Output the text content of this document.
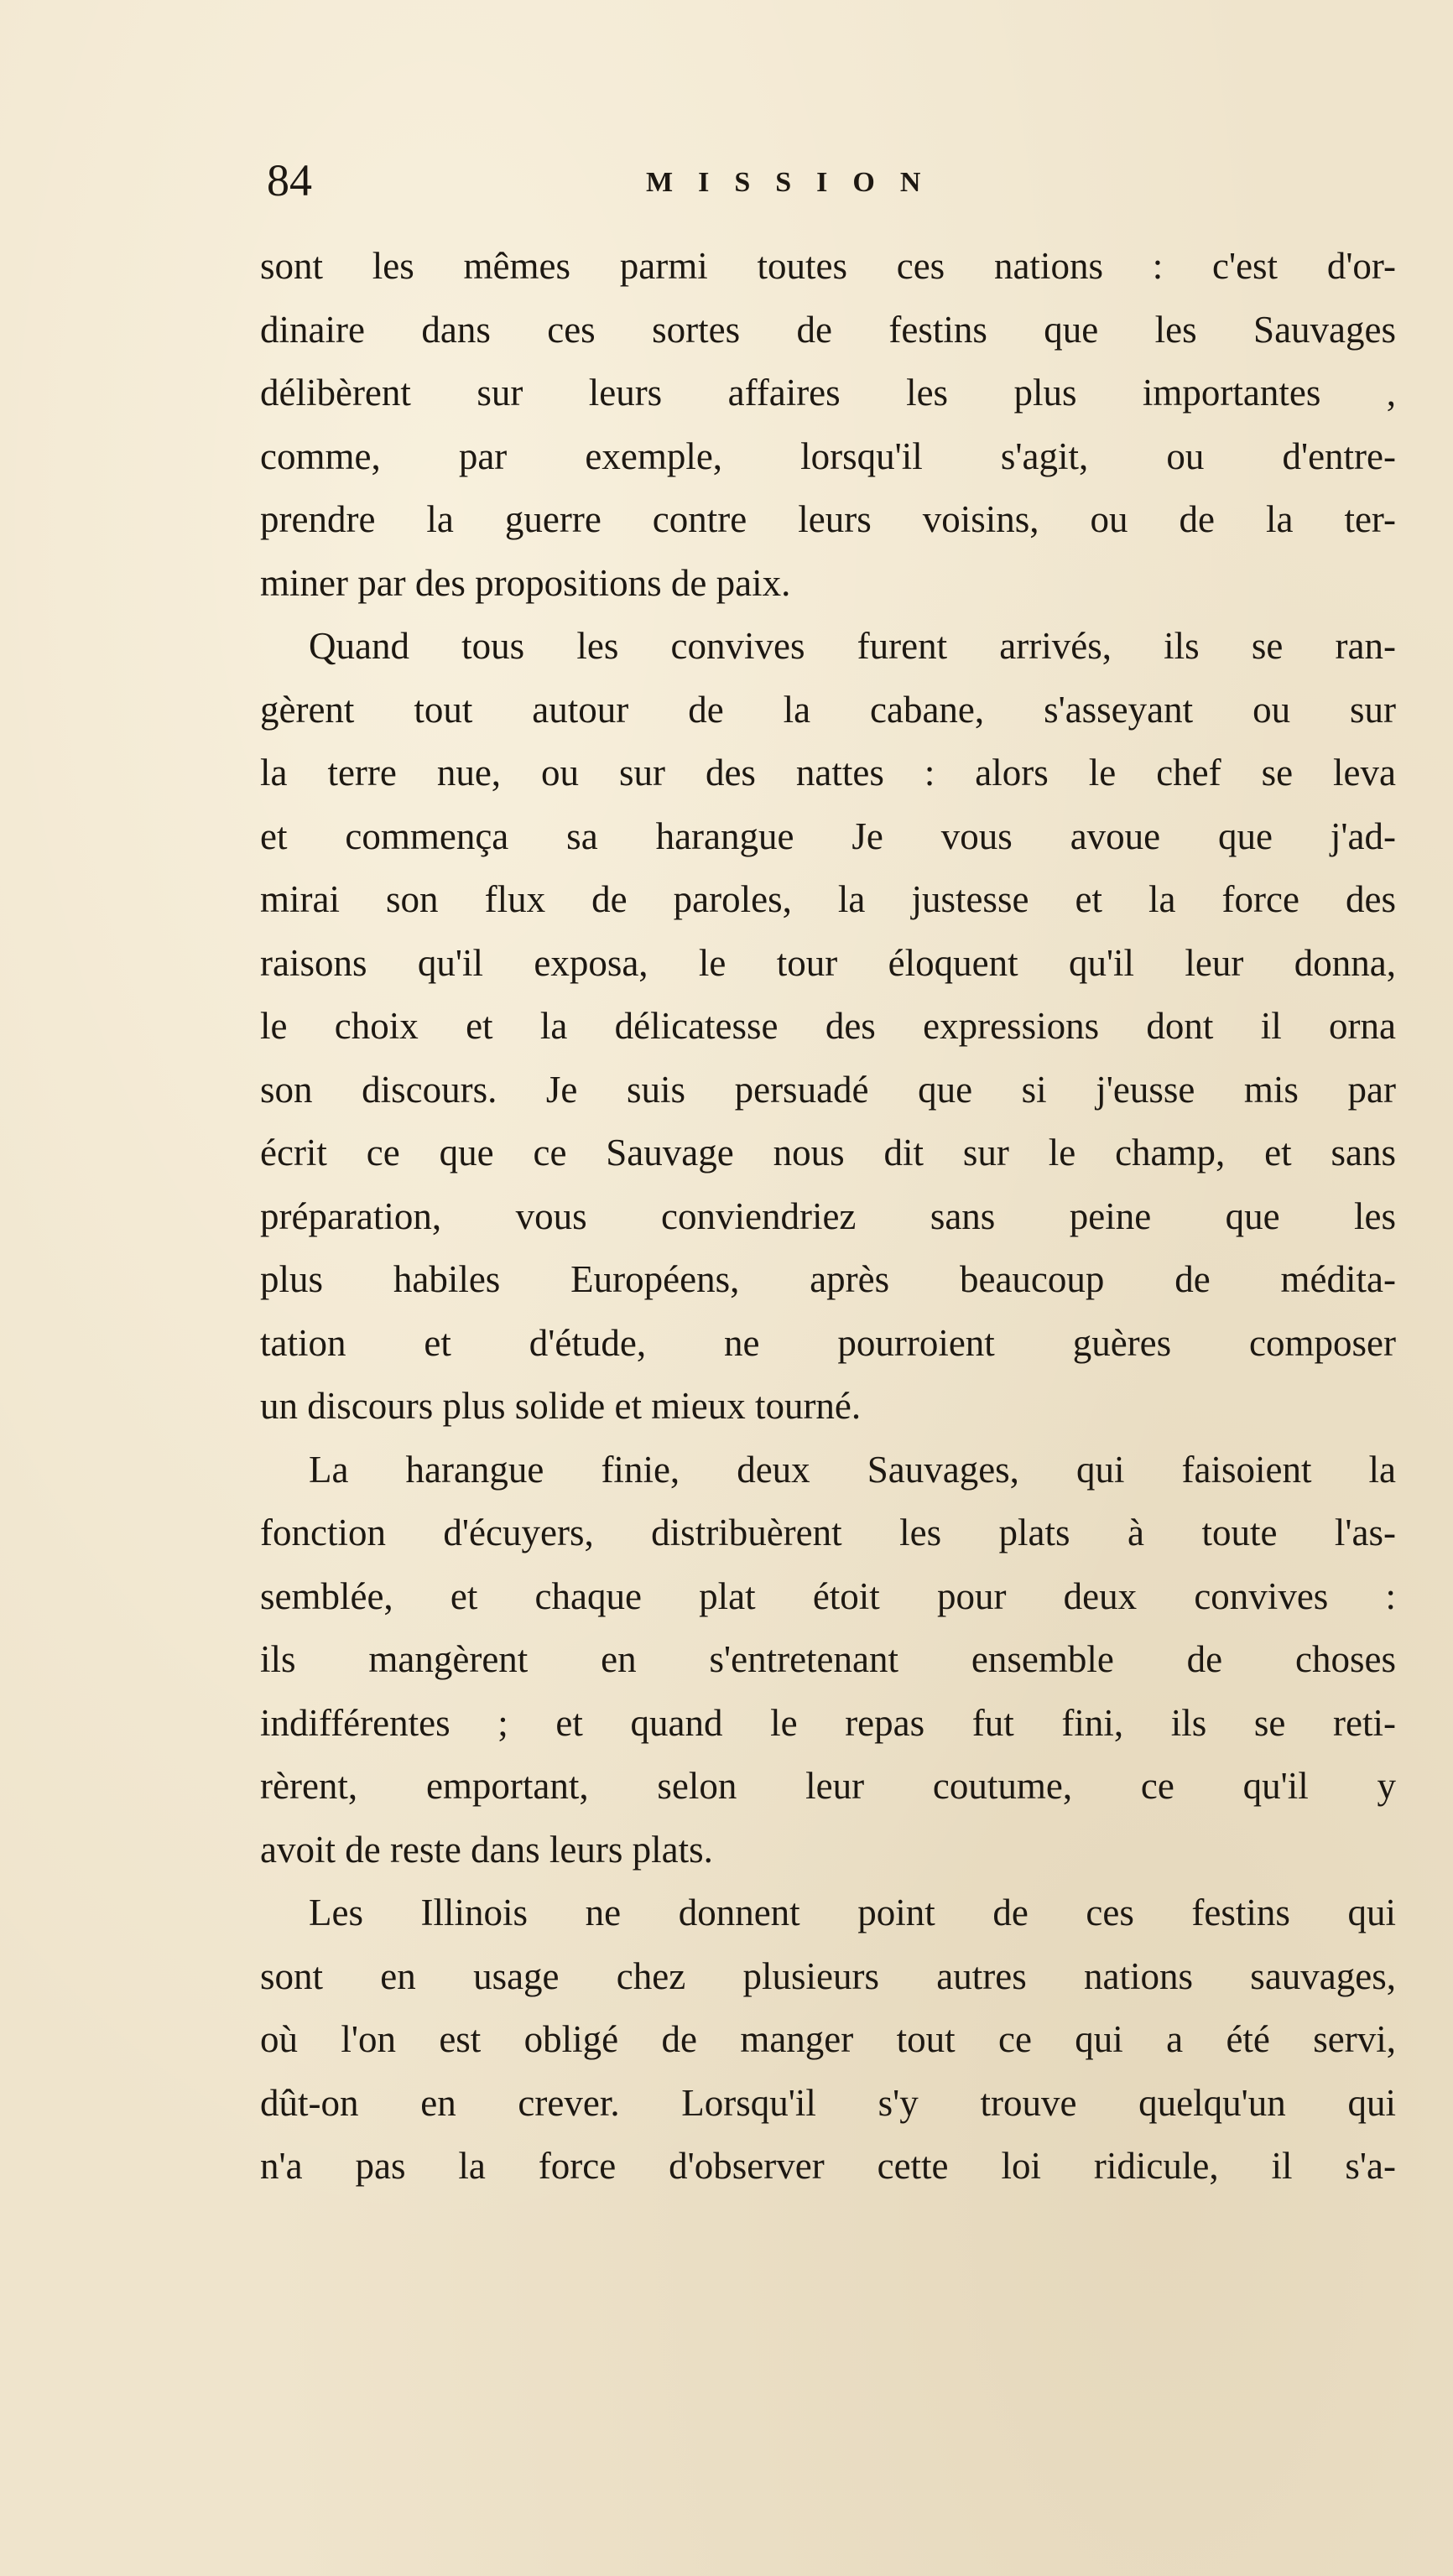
84	MISSION
sont les mêmes parmi toutes ces nations : c'est d'or-
dinaire dans ces sortes de festins que les Sauvages
délibèrent sur leurs affaires les plus importantes ,
comme, par exemple, lorsqu'il s'agit, ou d'entre-
prendre la guerre contre leurs voisins, ou de la ter-
miner par des propositions de paix.
Quand tous les convives furent arrivés, ils se ran-
gèrent tout autour de la cabane, s'asseyant ou sur
la terre nue, ou sur des nattes : alors le chef se leva
et commença sa harangue Je vous avoue que j'ad-
mirai son flux de paroles, la justesse et la force des
raisons qu'il exposa, le tour éloquent qu'il leur donna,
le choix et la délicatesse des expressions dont il orna
son discours. Je suis persuadé que si j'eusse mis par
écrit ce que ce Sauvage nous dit sur le champ, et sans
préparation, vous conviendriez sans peine que les
plus habiles Européens, après beaucoup de médita-
tation et d'étude, ne pourroient guères composer
un discours plus solide et mieux tourné.
La harangue finie, deux Sauvages, qui faisoient la
fonction d'écuyers, distribuèrent les plats à toute l'as-
semblée, et chaque plat étoit pour deux convives :
ils mangèrent en s'entretenant ensemble de choses
indifférentes ; et quand le repas fut fini, ils se reti-
rèrent, emportant, selon leur coutume, ce qu'il y
avoit de reste dans leurs plats.
Les Illinois ne donnent point de ces festins qui
sont en usage chez plusieurs autres nations sauvages,
où l'on est obligé de manger tout ce qui a été servi,
dût-on en crever. Lorsqu'il s'y trouve quelqu'un qui
n'a pas la force d'observer cette loi ridicule, il s'a-
